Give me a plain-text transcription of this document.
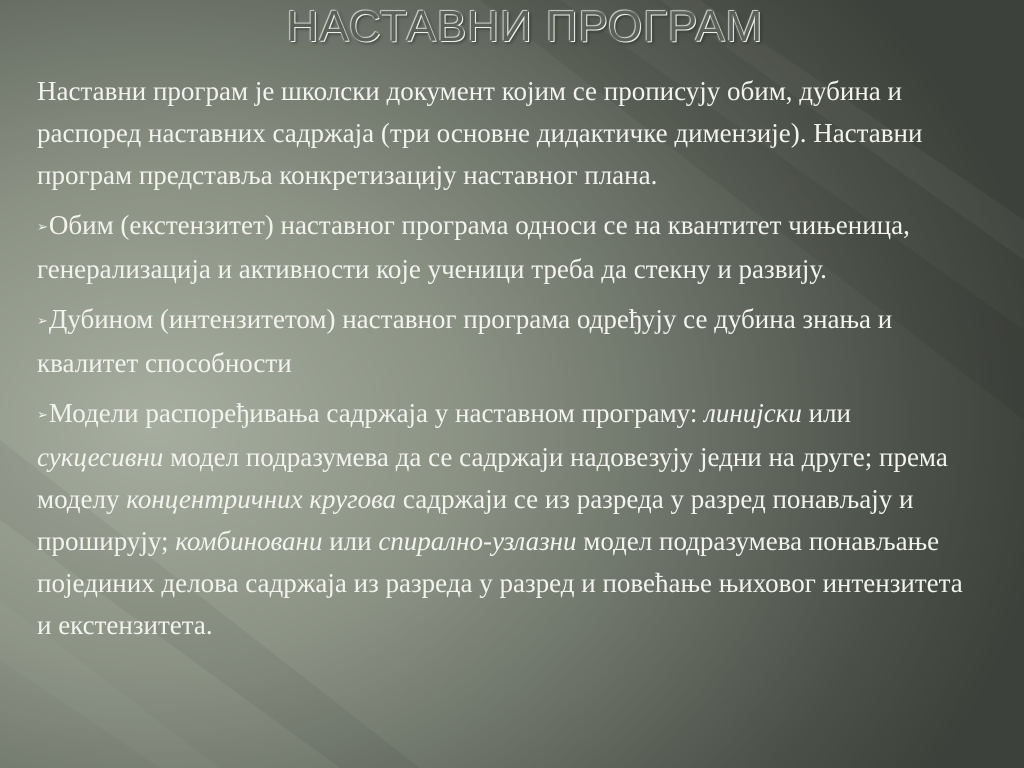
НАСТАВНИ ПРОГРАМ

Наставни програм је школски документ којим се прописују обим, дубина и распоред наставних садржаја (три основне дидактичке димензије). Наставни програм представља конкретизацију наставног плана.

➢Обим (екстензитет) наставног програма односи се на квантитет чињеница, генерализација и активности које ученици треба да стекну и развију.

➢Дубином (интензитетом) наставног програма одређују се дубина знања и квалитет способности

➢Модели распоређивања садржаја у наставном програму: линијски или сукцесивни модел подразумева да се садржаји надовезују једни на друге; према моделу концентричних кругова садржаји се из разреда у разред понављају и проширују; комбиновани или спирално-узлазни модел подразумева понављање појединих делова садржаја из разреда у разред и повећање њиховог интензитета и екстензитета.
